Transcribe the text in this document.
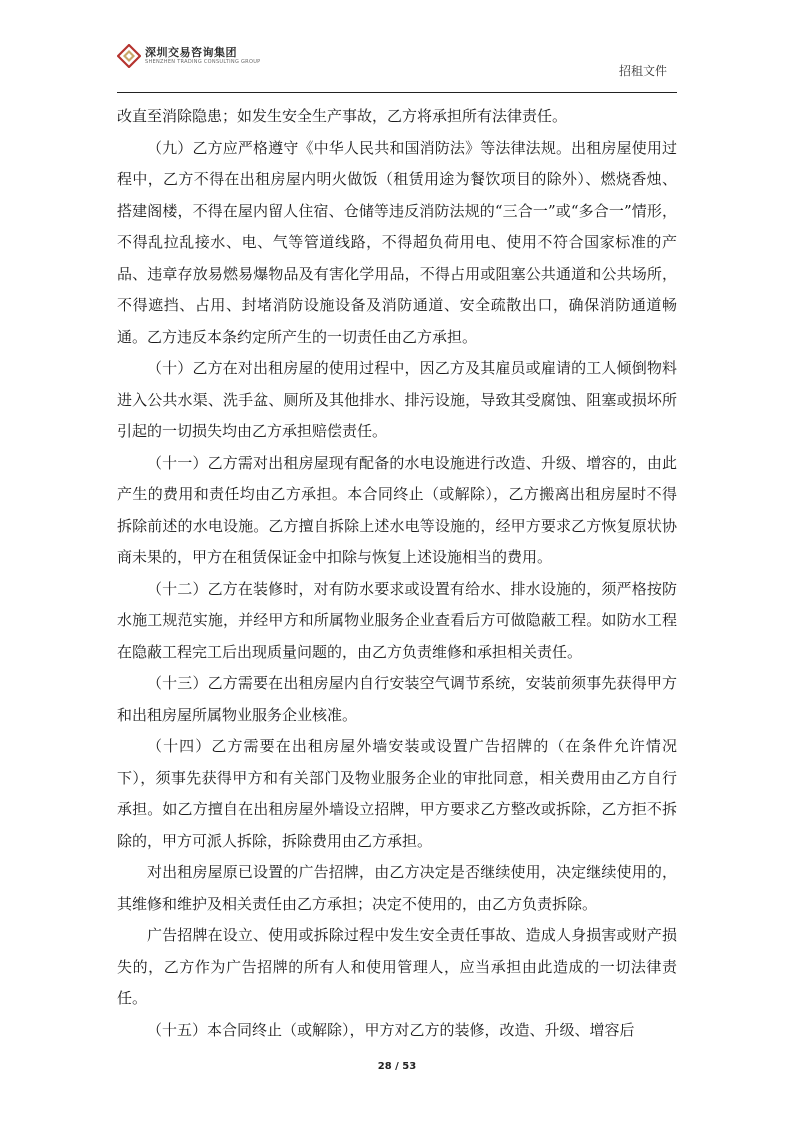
深圳交易咨询集团
SHENZHEN TRADING CONSULTING GROUP
招租文件

改直至消除隐患；如发生安全生产事故，乙方将承担所有法律责任。

（九）乙方应严格遵守《中华人民共和国消防法》等法律法规。出租房屋使用过程中，乙方不得在出租房屋内明火做饭（租赁用途为餐饮项目的除外）、燃烧香烛、搭建阁楼，不得在屋内留人住宿、仓储等违反消防法规的“三合一”或“多合一”情形，不得乱拉乱接水、电、气等管道线路，不得超负荷用电、使用不符合国家标准的产品、违章存放易燃易爆物品及有害化学用品，不得占用或阻塞公共通道和公共场所，不得遮挡、占用、封堵消防设施设备及消防通道、安全疏散出口，确保消防通道畅通。乙方违反本条约定所产生的一切责任由乙方承担。

（十）乙方在对出租房屋的使用过程中，因乙方及其雇员或雇请的工人倾倒物料进入公共水渠、洗手盆、厕所及其他排水、排污设施，导致其受腐蚀、阻塞或损坏所引起的一切损失均由乙方承担赔偿责任。

（十一）乙方需对出租房屋现有配备的水电设施进行改造、升级、增容的，由此产生的费用和责任均由乙方承担。本合同终止（或解除），乙方搬离出租房屋时不得拆除前述的水电设施。乙方擅自拆除上述水电等设施的，经甲方要求乙方恢复原状协商未果的，甲方在租赁保证金中扣除与恢复上述设施相当的费用。

（十二）乙方在装修时，对有防水要求或设置有给水、排水设施的，须严格按防水施工规范实施，并经甲方和所属物业服务企业查看后方可做隐蔽工程。如防水工程在隐蔽工程完工后出现质量问题的，由乙方负责维修和承担相关责任。

（十三）乙方需要在出租房屋内自行安装空气调节系统，安装前须事先获得甲方和出租房屋所属物业服务企业核准。

（十四）乙方需要在出租房屋外墙安装或设置广告招牌的（在条件允许情况下），须事先获得甲方和有关部门及物业服务企业的审批同意，相关费用由乙方自行承担。如乙方擅自在出租房屋外墙设立招牌，甲方要求乙方整改或拆除，乙方拒不拆除的，甲方可派人拆除，拆除费用由乙方承担。

对出租房屋原已设置的广告招牌，由乙方决定是否继续使用，决定继续使用的，其维修和维护及相关责任由乙方承担；决定不使用的，由乙方负责拆除。

广告招牌在设立、使用或拆除过程中发生安全责任事故、造成人身损害或财产损失的，乙方作为广告招牌的所有人和使用管理人，应当承担由此造成的一切法律责任。

（十五）本合同终止（或解除），甲方对乙方的装修，改造、升级、增容后

28 / 53
